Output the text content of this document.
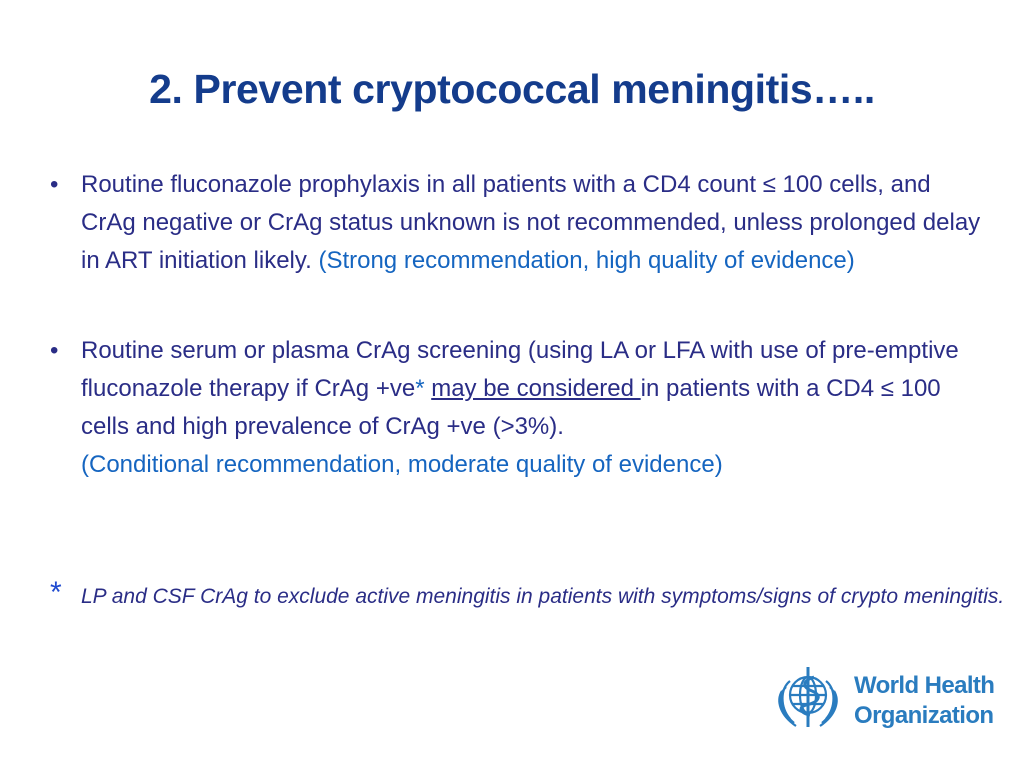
2. Prevent cryptococcal meningitis…..
• Routine fluconazole prophylaxis in all patients with a CD4 count ≤ 100 cells, and CrAg negative or CrAg status unknown is not recommended, unless prolonged delay in ART initiation likely. (Strong recommendation, high quality of evidence)
• Routine serum or plasma CrAg screening (using LA or LFA with use of pre-emptive fluconazole therapy if CrAg +ve* may be considered in patients with a CD4 ≤ 100 cells and high prevalence of CrAg +ve (>3%).
(Conditional recommendation, moderate quality of evidence)
* LP and CSF CrAg to exclude active meningitis in patients with symptoms/signs of crypto meningitis.
World Health
Organization
